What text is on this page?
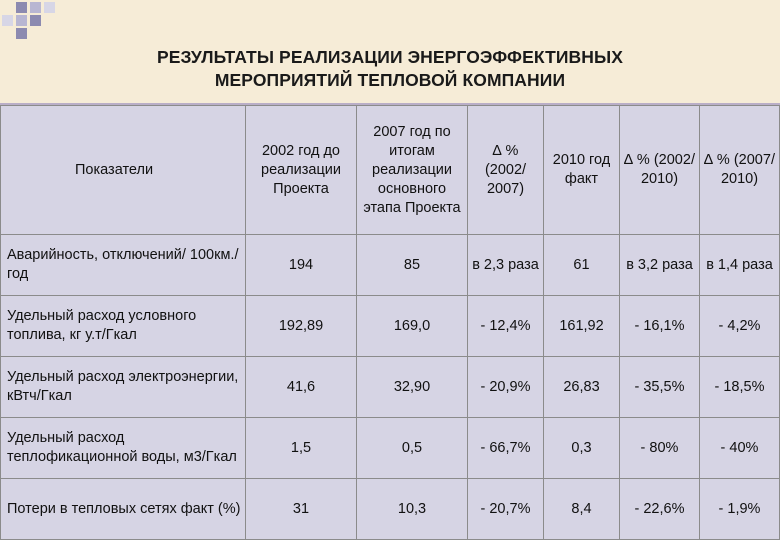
РЕЗУЛЬТАТЫ РЕАЛИЗАЦИИ ЭНЕРГОЭФФЕКТИВНЫХ
МЕРОПРИЯТИЙ ТЕПЛОВОЙ КОМПАНИИ
Показатели	2002 год до реализации Проекта	2007 год по итогам реализации основного этапа Проекта	∆ % (2002/ 2007)	2010 год факт	∆ % (2002/ 2010)	∆ % (2007/ 2010)
Аварийность, отключений/ 100км./ год	194	85	в 2,3 раза	61	в 3,2 раза	в 1,4 раза
Удельный расход условного топлива, кг у.т/Гкал	192,89	169,0	- 12,4%	161,92	- 16,1%	- 4,2%
Удельный расход электроэнергии, кВтч/Гкал	41,6	32,90	- 20,9%	26,83	- 35,5%	- 18,5%
Удельный расход теплофикационной воды, м3/Гкал	1,5	0,5	- 66,7%	0,3	- 80%	- 40%
Потери в тепловых сетях факт (%)	31	10,3	- 20,7%	8,4	- 22,6%	- 1,9%
